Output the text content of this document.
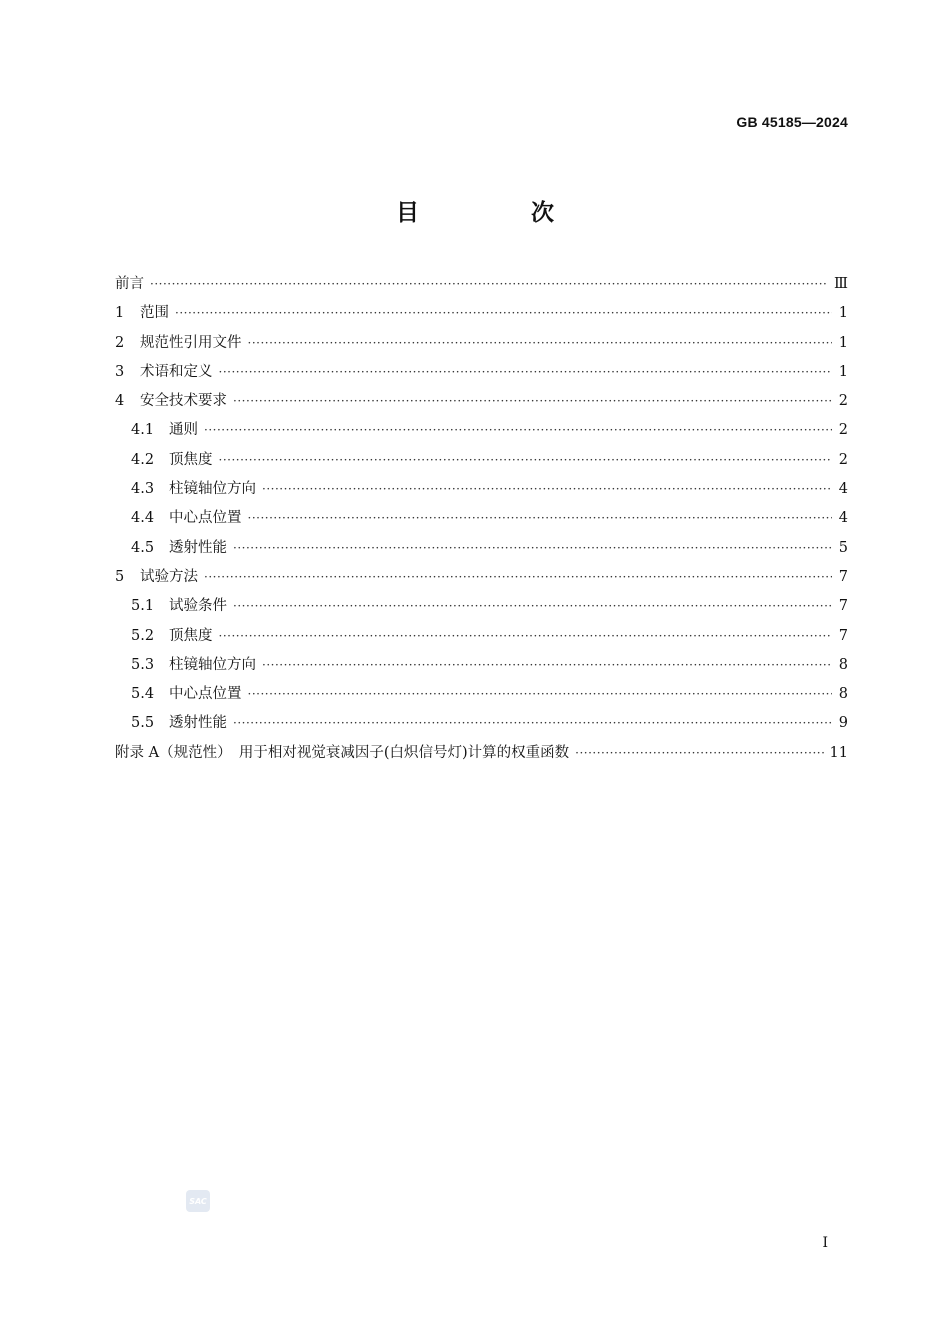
GB 45185—2024
目 次
前言 ·····	Ⅲ
1 范围 ·····	1
2 规范性引用文件 ·····	1
3 术语和定义 ·····	1
4 安全技术要求 ·····	2
4.1 通则 ·····	2
4.2 顶焦度 ·····	2
4.3 柱镜轴位方向 ·····	4
4.4 中心点位置 ·····	4
4.5 透射性能 ·····	5
5 试验方法 ·····	7
5.1 试验条件 ·····	7
5.2 顶焦度 ·····	7
5.3 柱镜轴位方向 ·····	8
5.4 中心点位置 ·····	8
5.5 透射性能 ·····	9
附录 A（规范性）　用于相对视觉衰减因子(白炽信号灯)计算的权重函数 ·····	11
SAC
I
